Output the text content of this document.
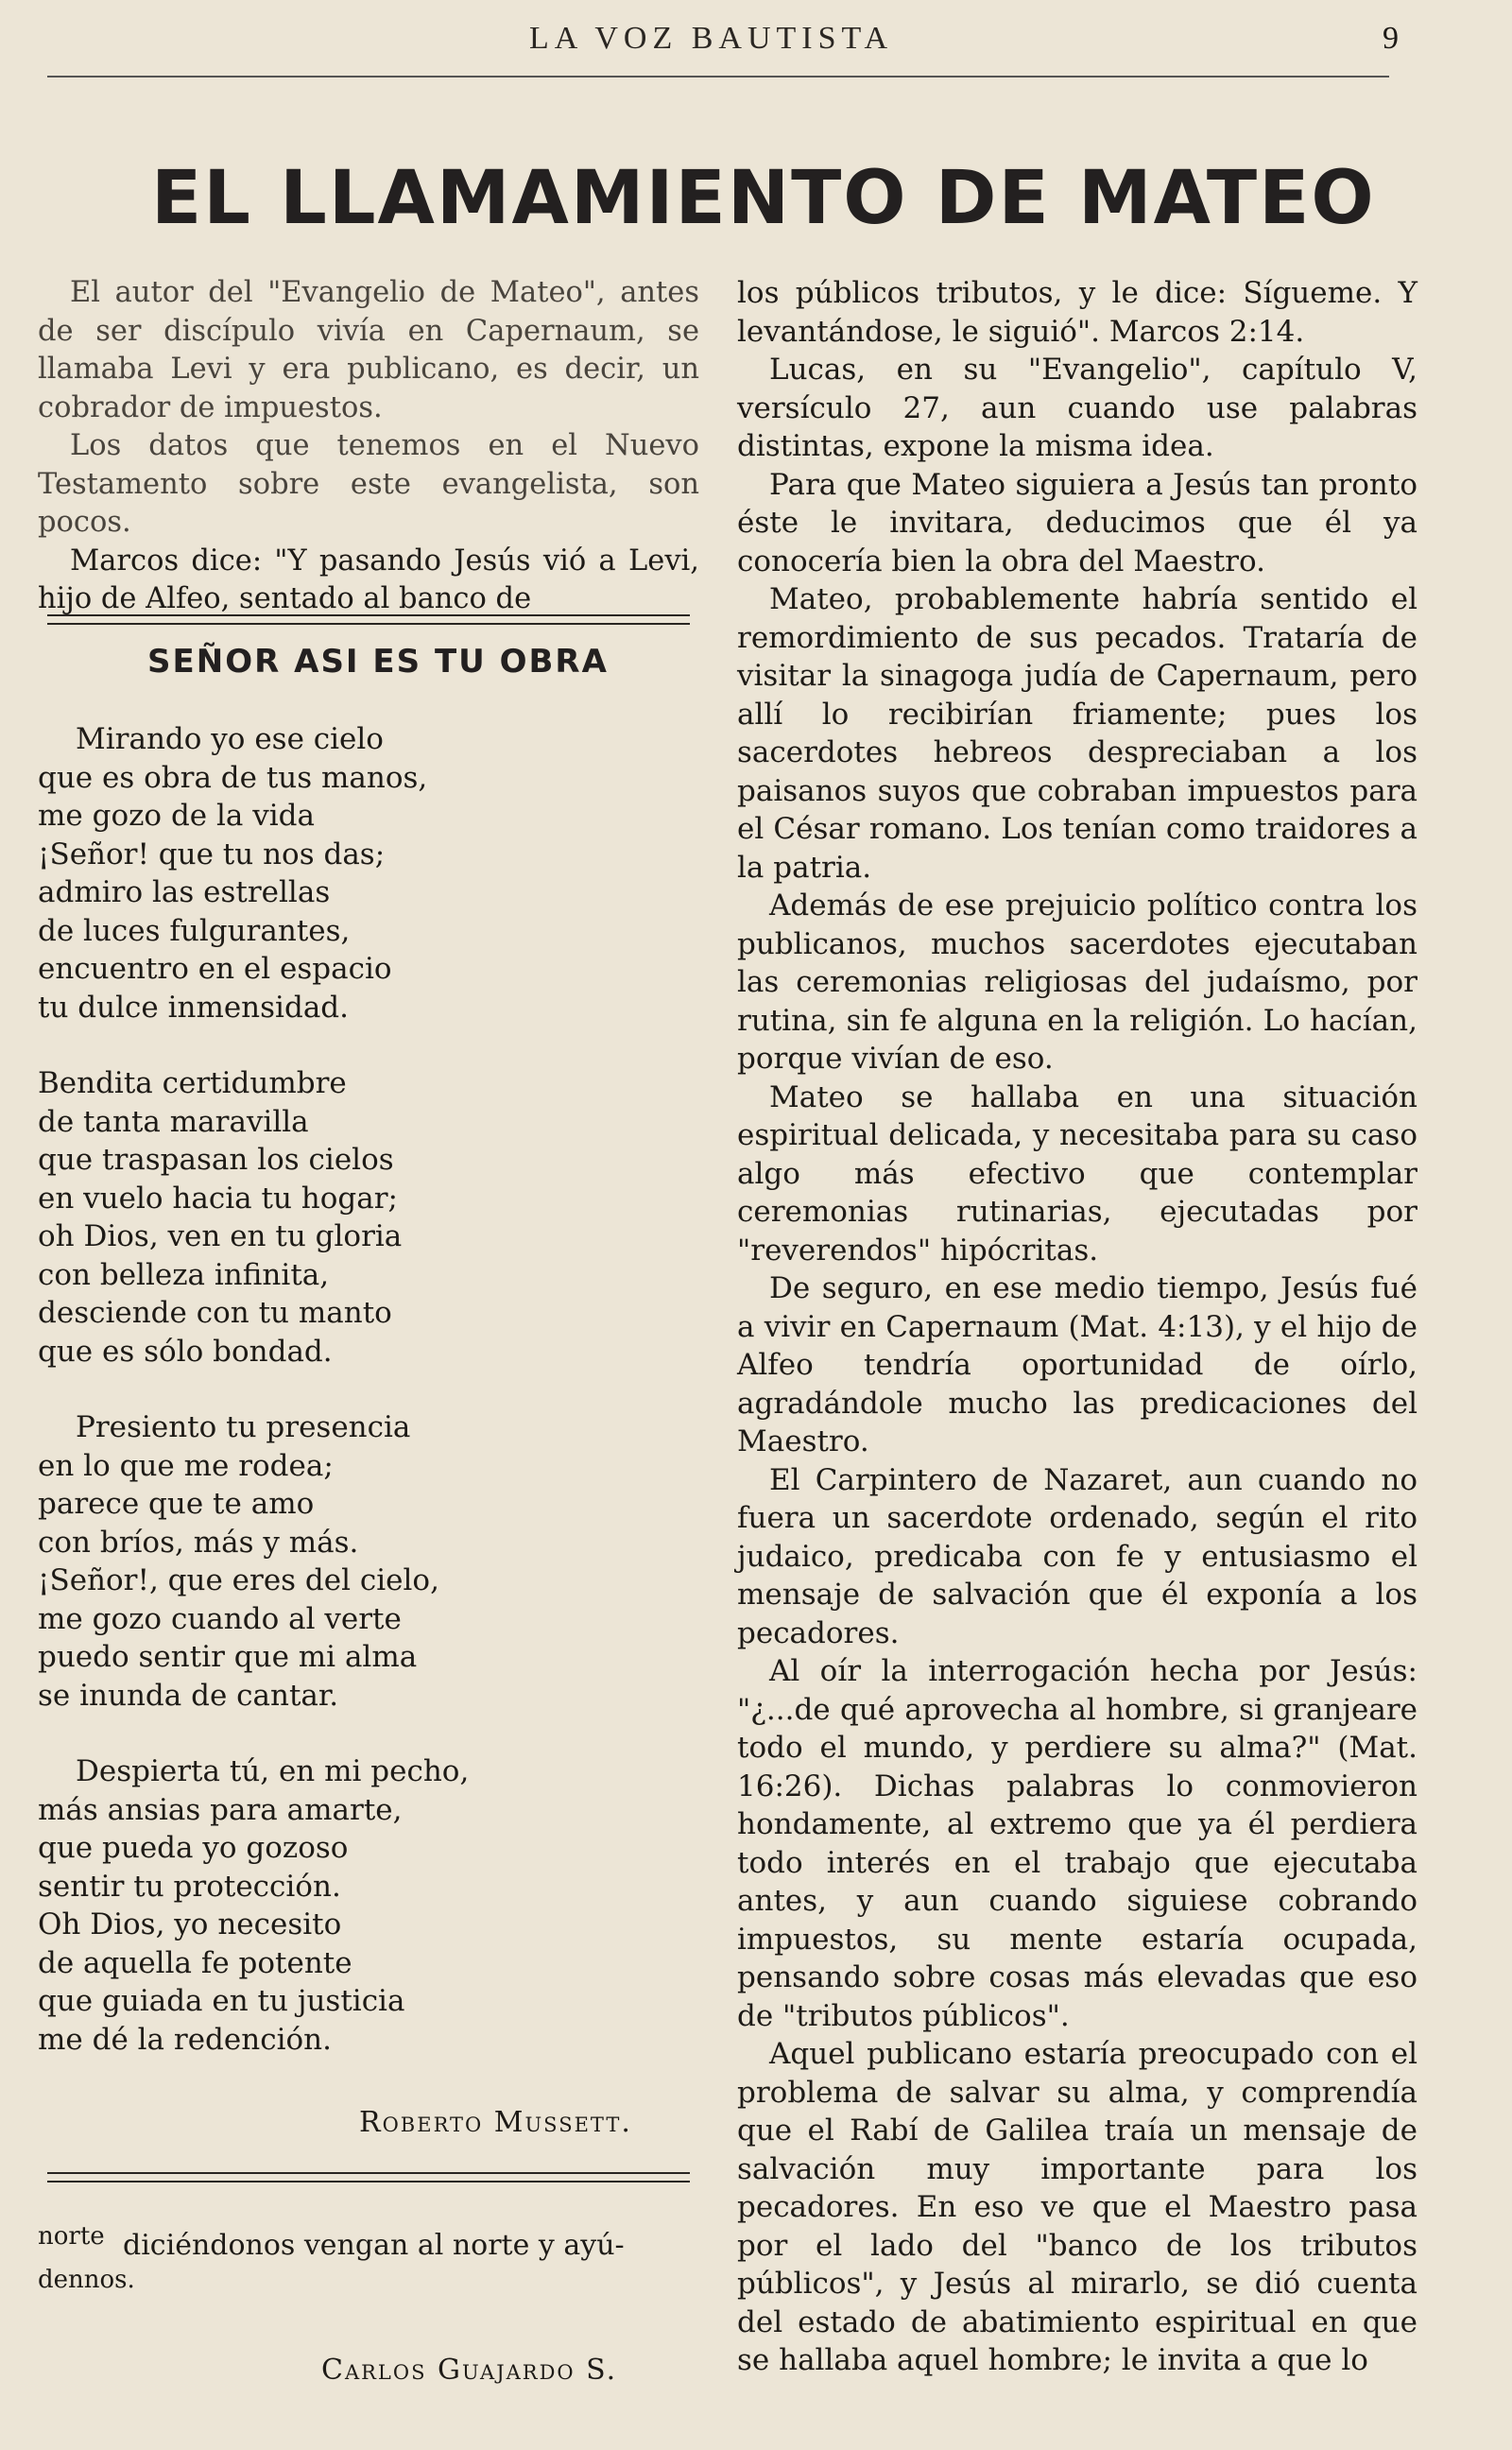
LA VOZ BAUTISTA	9
EL LLAMAMIENTO DE MATEO

El autor del "Evangelio de Mateo", antes de ser discípulo vivía en Capernaum, se llamaba Levi y era publicano, es decir, un cobrador de impuestos.

Los datos que tenemos en el Nuevo Testamento sobre este evangelista, son pocos.

Marcos dice: "Y pasando Jesús vió a Levi, hijo de Alfeo, sentado al banco de

SEÑOR ASI ES TU OBRA
Mirando yo ese cielo
que es obra de tus manos,
me gozo de la vida
¡Señor! que tu nos das;
admiro las estrellas
de luces fulgurantes,
encuentro en el espacio
tu dulce inmensidad.
Bendita certidumbre
de tanta maravilla
que traspasan los cielos
en vuelo hacia tu hogar;
oh Dios, ven en tu gloria
con belleza infinita,
desciende con tu manto
que es sólo bondad.
Presiento tu presencia
en lo que me rodea;
parece que te amo
con bríos, más y más.
¡Señor!, que eres del cielo,
me gozo cuando al verte
puedo sentir que mi alma
se inunda de cantar.
Despierta tú, en mi pecho,
más ansias para amarte,
que pueda yo gozoso
sentir tu protección.
Oh Dios, yo necesito
de aquella fe potente
que guiada en tu justicia
me dé la redención.
Roberto Mussett.
norte diciéndonos vengan al norte y ayú-
dennos.
Carlos Guajardo S.

los públicos tributos, y le dice: Sígueme. Y levantándose, le siguió". Marcos 2:14.

Lucas, en su "Evangelio", capítulo V, versículo 27, aun cuando use palabras distintas, expone la misma idea.

Para que Mateo siguiera a Jesús tan pronto éste le invitara, deducimos que él ya conocería bien la obra del Maestro.

Mateo, probablemente habría sentido el remordimiento de sus pecados. Trataría de visitar la sinagoga judía de Capernaum, pero allí lo recibirían friamente; pues los sacerdotes hebreos despreciaban a los paisanos suyos que cobraban impuestos para el César romano. Los tenían como traidores a la patria.

Además de ese prejuicio político contra los publicanos, muchos sacerdotes ejecutaban las ceremonias religiosas del judaísmo, por rutina, sin fe alguna en la religión. Lo hacían, porque vivían de eso.

Mateo se hallaba en una situación espiritual delicada, y necesitaba para su caso algo más efectivo que contemplar ceremonias rutinarias, ejecutadas por "reverendos" hipócritas.

De seguro, en ese medio tiempo, Jesús fué a vivir en Capernaum (Mat. 4:13), y el hijo de Alfeo tendría oportunidad de oírlo, agradándole mucho las predicaciones del Maestro.

El Carpintero de Nazaret, aun cuando no fuera un sacerdote ordenado, según el rito judaico, predicaba con fe y entusiasmo el mensaje de salvación que él exponía a los pecadores.

Al oír la interrogación hecha por Jesús: "¿...de qué aprovecha al hombre, si granjeare todo el mundo, y perdiere su alma?" (Mat. 16:26). Dichas palabras lo conmovieron hondamente, al extremo que ya él perdiera todo interés en el trabajo que ejecutaba antes, y aun cuando siguiese cobrando impuestos, su mente estaría ocupada, pensando sobre cosas más elevadas que eso de "tributos públicos".

Aquel publicano estaría preocupado con el problema de salvar su alma, y comprendía que el Rabí de Galilea traía un mensaje de salvación muy importante para los pecadores. En eso ve que el Maestro pasa por el lado del "banco de los tributos públicos", y Jesús al mirarlo, se dió cuenta del estado de abatimiento espiritual en que se hallaba aquel hombre; le invita a que lo
